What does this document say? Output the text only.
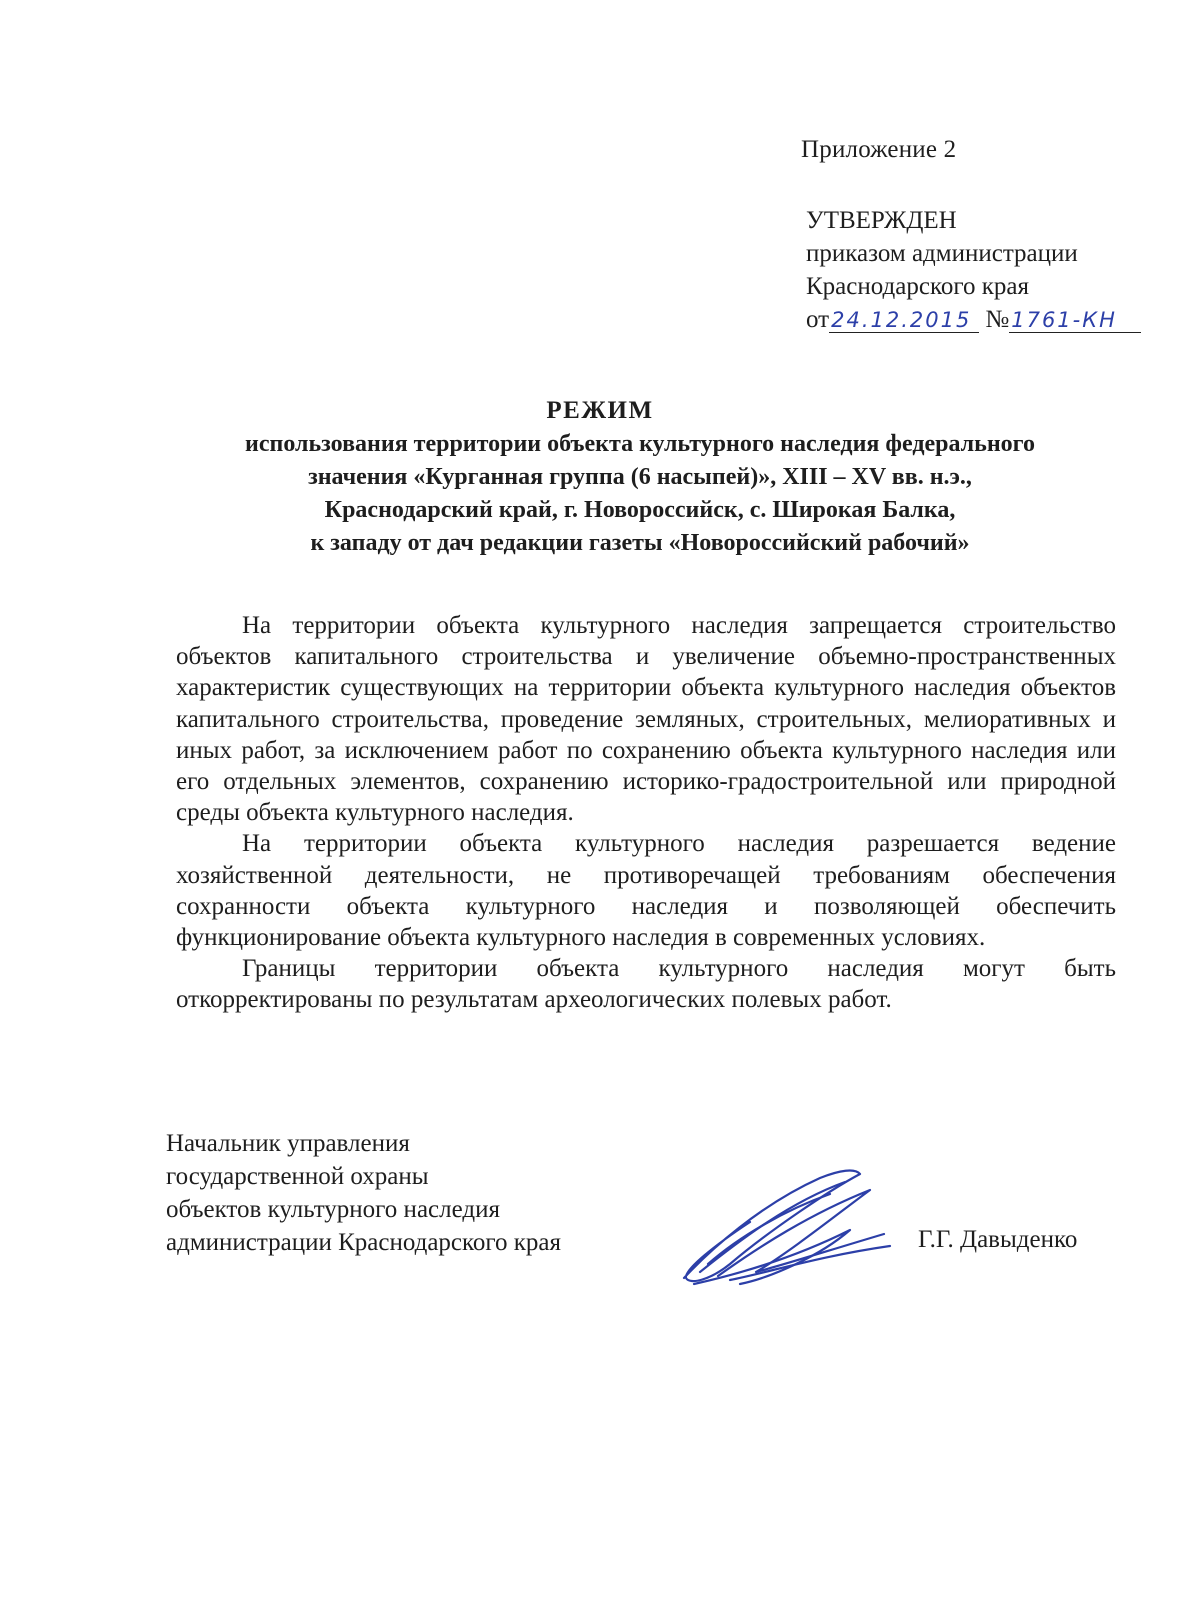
Приложение 2
УТВЕРЖДЕН
приказом администрации
Краснодарского края
от24.12.2015 №1761-КН
РЕЖИМ
использования территории объекта культурного наследия федерального
значения «Курганная группа (6 насыпей)», XIII – XV вв. н.э.,
Краснодарский край, г. Новороссийск, с. Широкая Балка,
к западу от дач редакции газеты «Новороссийский рабочий»

На территории объекта культурного наследия запрещается строительство объектов капитального строительства и увеличение объемно-пространственных характеристик существующих на территории объекта культурного наследия объектов капитального строительства, проведение земляных, строительных, мелиоративных и иных работ, за исключением работ по сохранению объекта культурного наследия или его отдельных элементов, сохранению историко-градостроительной или природной среды объекта культурного наследия.

На территории объекта культурного наследия разрешается ведение хозяйственной деятельности, не противоречащей требованиям обеспечения сохранности объекта культурного наследия и позволяющей обеспечить функционирование объекта культурного наследия в современных условиях.

Границы территории объекта культурного наследия могут быть откорректированы по результатам археологических полевых работ.

Начальник управления
государственной охраны
объектов культурного наследия
администрации Краснодарского края	Г.Г. Давыденко
